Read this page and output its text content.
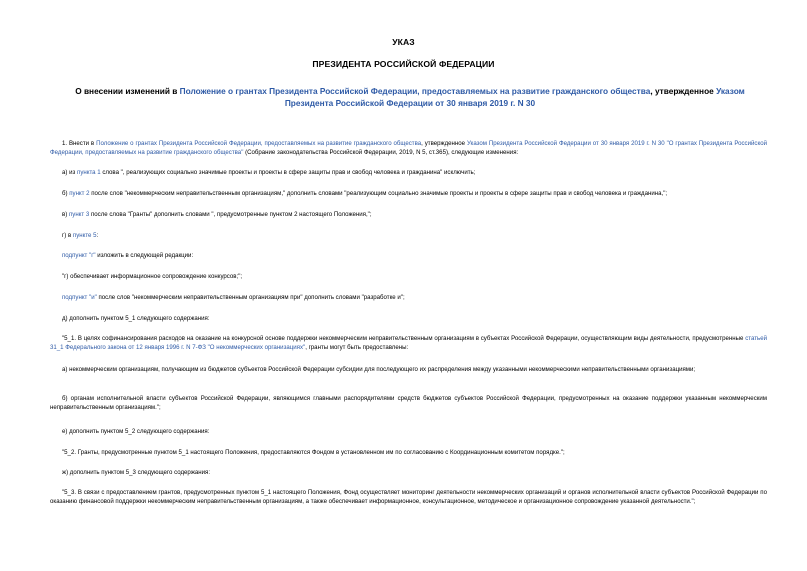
УКАЗ
ПРЕЗИДЕНТА РОССИЙСКОЙ ФЕДЕРАЦИИ
О внесении изменений в Положение о грантах Президента Российской Федерации, предоставляемых на развитие гражданского общества, утвержденное Указом Президента Российской Федерации от 30 января 2019 г. N 30
1. Внести в Положение о грантах Президента Российской Федерации, предоставляемых на развитие гражданского общества, утвержденное Указом Президента Российской Федерации от 30 января 2019 г. N 30 "О грантах Президента Российской Федерации, предоставляемых на развитие гражданского общества" (Собрание законодательства Российской Федерации, 2019, N 5, ст.365), следующие изменения:
а) из пункта 1 слова ", реализующих социально значимые проекты и проекты в сфере защиты прав и свобод человека и гражданина" исключить;
б) пункт 2 после слов "некоммерческим неправительственным организациям," дополнить словами "реализующим социально значимые проекты и проекты в сфере защиты прав и свобод человека и гражданина,";
в) пункт 3 после слова "Гранты" дополнить словами ", предусмотренные пунктом 2 настоящего Положения,";
г) в пункте 5:
подпункт "г" изложить в следующей редакции:
"г) обеспечивает информационное сопровождение конкурсов;";
подпункт "и" после слов "некоммерческим неправительственным организациям при" дополнить словами "разработке и";
д) дополнить пунктом 5_1 следующего содержания:
"5_1. В целях софинансирования расходов на оказание на конкурсной основе поддержки некоммерческим неправительственным организациям в субъектах Российской Федерации, осуществляющим виды деятельности, предусмотренные статьей 31_1 Федерального закона от 12 января 1996 г. N 7-ФЗ "О некоммерческих организациях", гранты могут быть предоставлены:
а) некоммерческим организациям, получающим из бюджетов субъектов Российской Федерации субсидии для последующего их распределения между указанными некоммерческими неправительственными организациями;
б) органам исполнительной власти субъектов Российской Федерации, являющимся главными распорядителями средств бюджетов субъектов Российской Федерации, предусмотренных на оказание поддержки указанным некоммерческим неправительственным организациям.";
е) дополнить пунктом 5_2 следующего содержания:
"5_2. Гранты, предусмотренные пунктом 5_1 настоящего Положения, предоставляются Фондом в установленном им по согласованию с Координационным комитетом порядке.";
ж) дополнить пунктом 5_3 следующего содержания:
"5_3. В связи с предоставлением грантов, предусмотренных пунктом 5_1 настоящего Положения, Фонд осуществляет мониторинг деятельности некоммерческих организаций и органов исполнительной власти субъектов Российской Федерации по оказанию финансовой поддержки некоммерческим неправительственным организациям, а также обеспечивает информационное, консультационное, методическое и организационное сопровождение указанной деятельности.";
